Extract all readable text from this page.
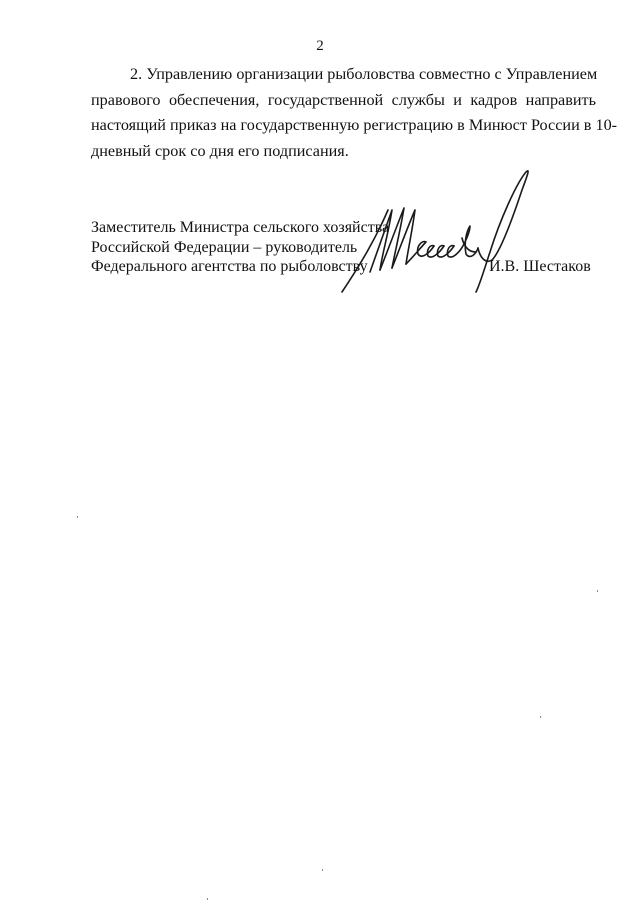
2
2. Управлению организации рыболовства совместно с Управлением
правового обеспечения, государственной службы и кадров направить
настоящий приказ на государственную регистрацию в Минюст России в 10-
дневный срок со дня его подписания.
Заместитель Министра сельского хозяйства
Российской Федерации – руководитель
Федерального агентства по рыболовству	И.В. Шестаков
